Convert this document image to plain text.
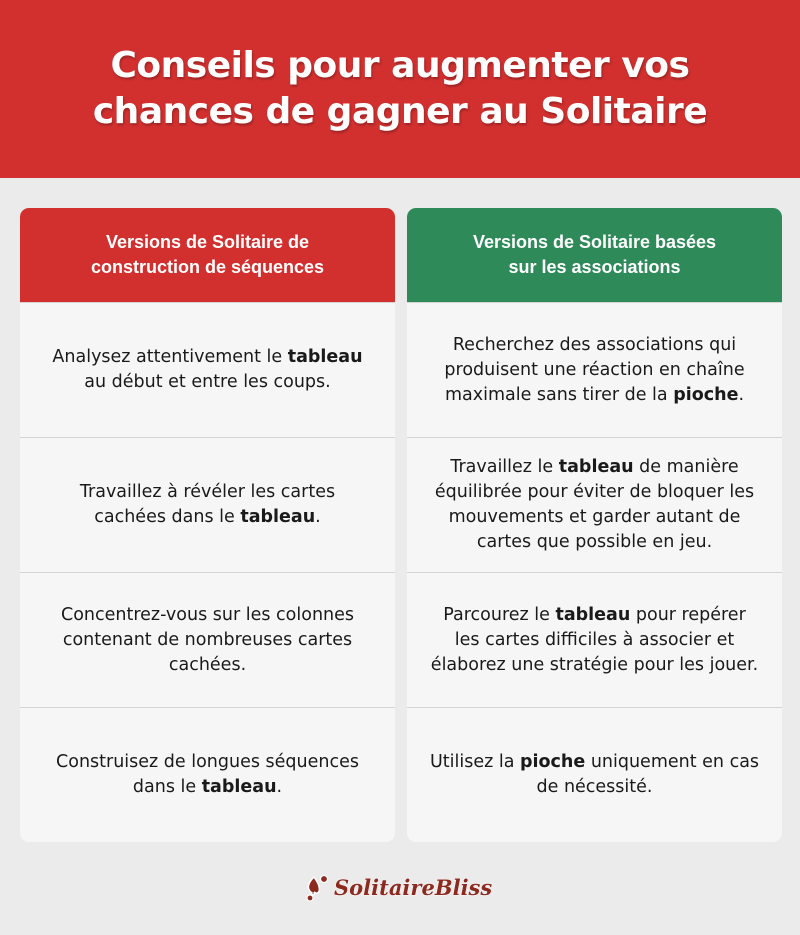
Conseils pour augmenter vos
chances de gagner au Solitaire
Versions de Solitaire de
construction de séquences

Analysez attentivement le tableau au début et entre les coups.

Travaillez à révéler les cartes cachées dans le tableau.

Concentrez-vous sur les colonnes contenant de nombreuses cartes cachées.

Construisez de longues séquences dans le tableau.

Versions de Solitaire basées
sur les associations

Recherchez des associations qui produisent une réaction en chaîne maximale sans tirer de la pioche.

Travaillez le tableau de manière équilibrée pour éviter de bloquer les mouvements et garder autant de cartes que possible en jeu.

Parcourez le tableau pour repérer les cartes difficiles à associer et élaborez une stratégie pour les jouer.

Utilisez la pioche uniquement en cas de nécessité.

SolitaireBliss
